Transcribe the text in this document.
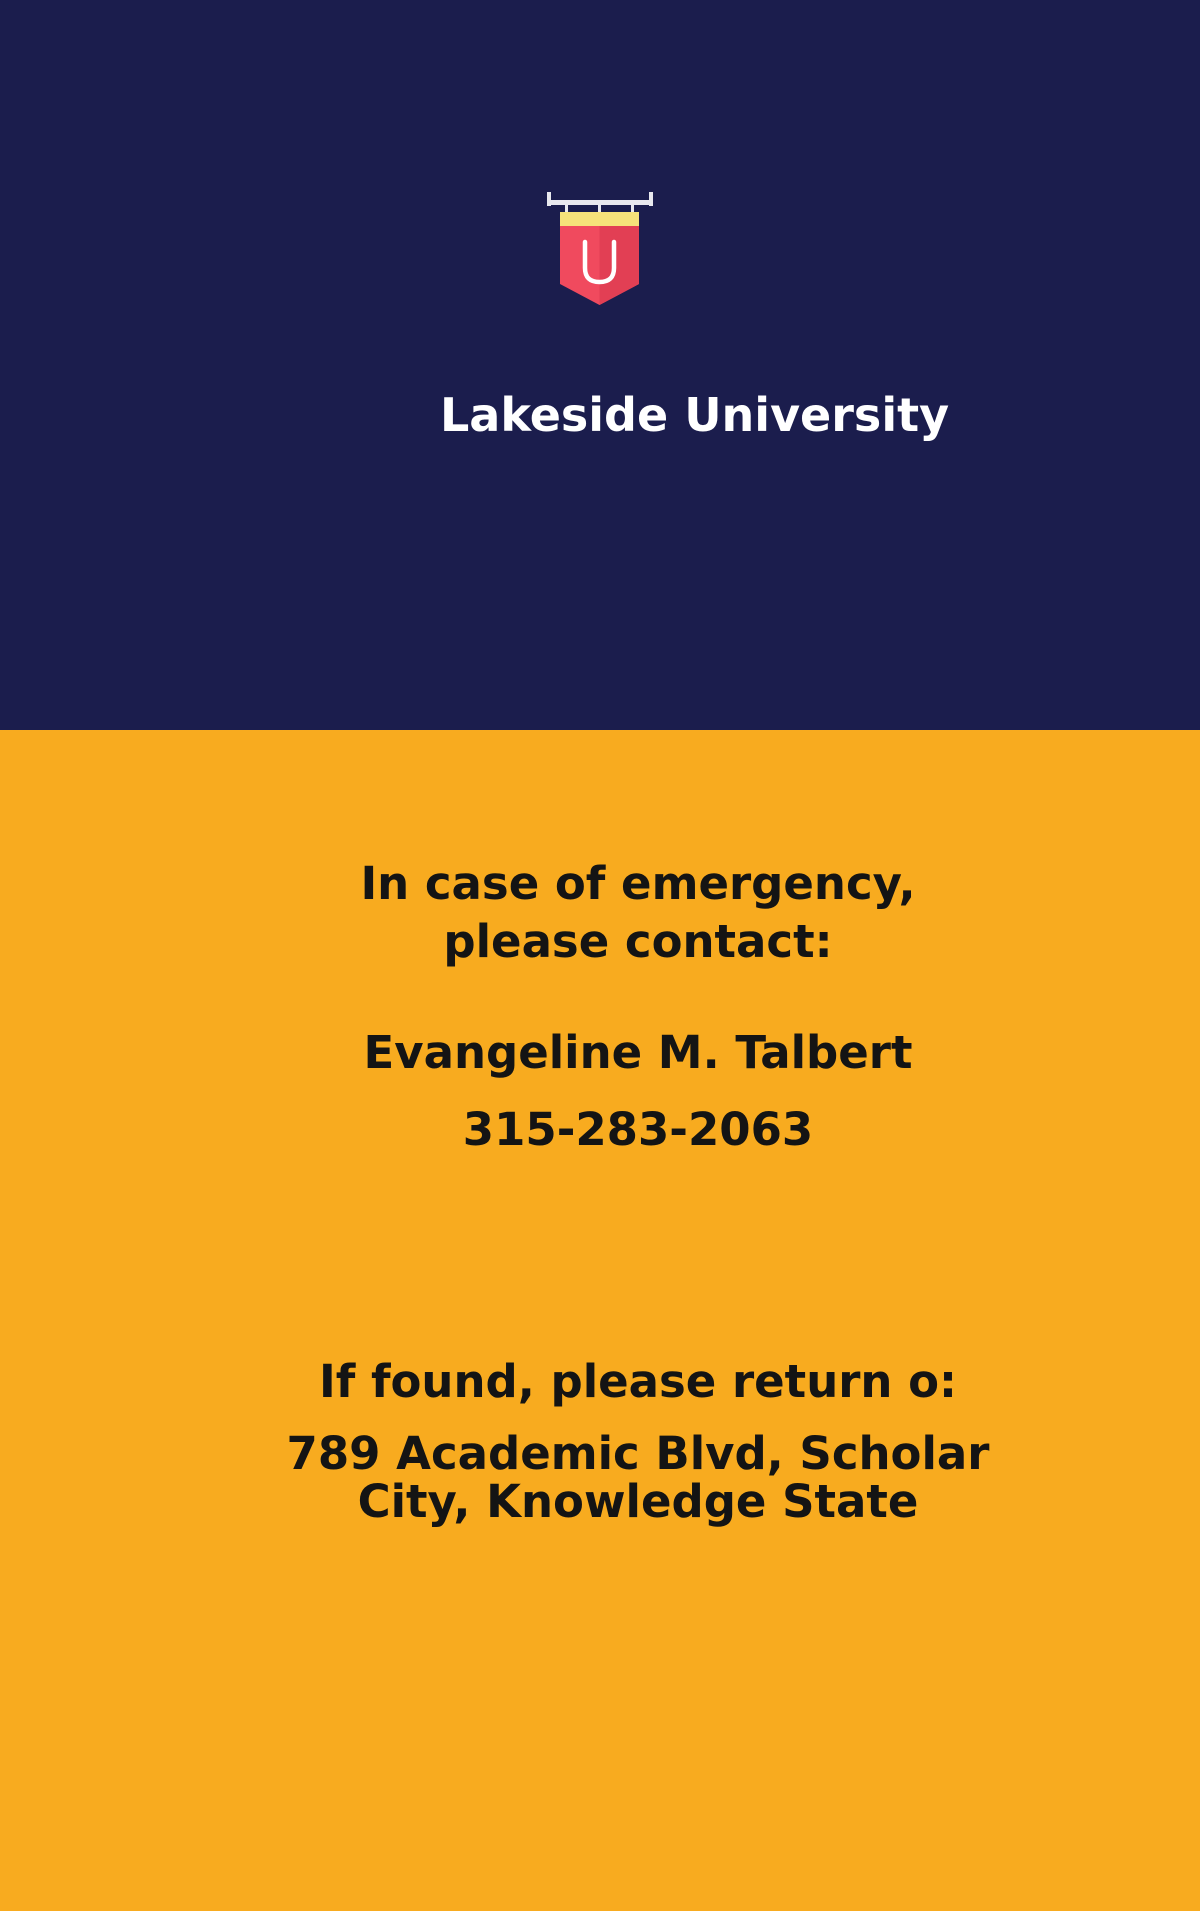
Lakeside University

In case of emergency,
please contact:

Evangeline M. Talbert

315-283-2063

If found, please return o:

789 Academic Blvd, Scholar
City, Knowledge State
